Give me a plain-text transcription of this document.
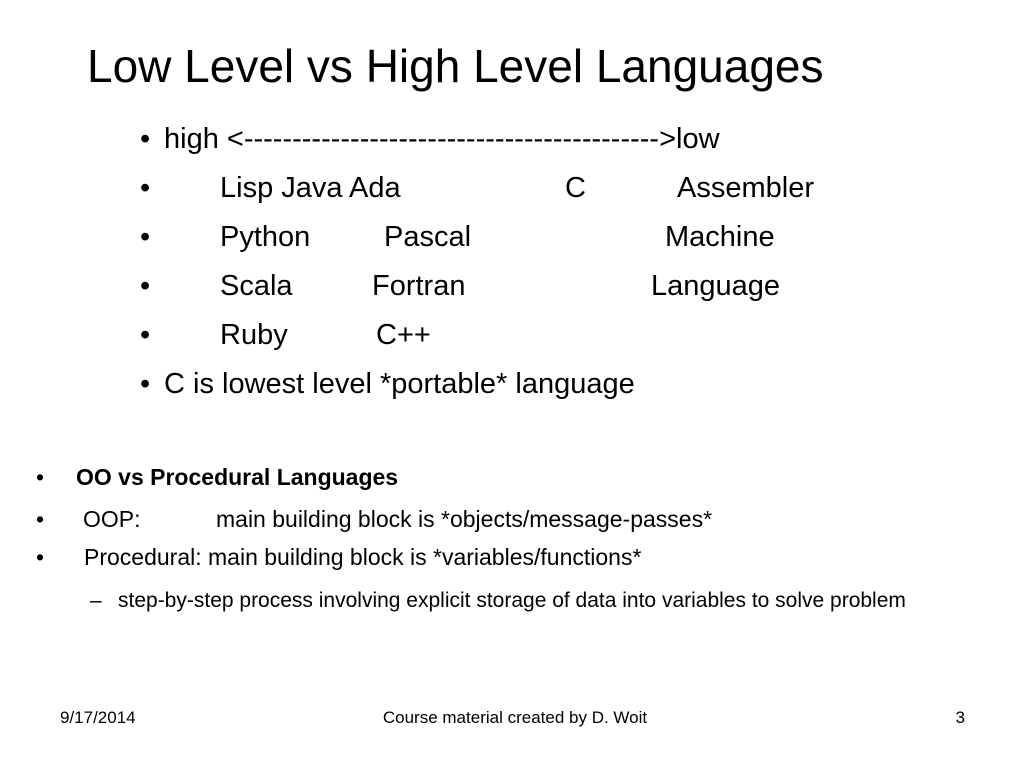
Low Level vs High Level Languages
• high <------------------------------------------->low
• Lisp Java Ada	C	Assembler
• Python	Pascal	Machine
• Scala	Fortran	Language
• Ruby	C++
• C is lowest level *portable* language
• OO vs Procedural Languages
• OOP:	main building block is *objects/message-passes*
• Procedural: main building block is *variables/functions*
– step-by-step process involving explicit storage of data into variables to solve problem
9/17/2014	Course material created by D. Woit	3
